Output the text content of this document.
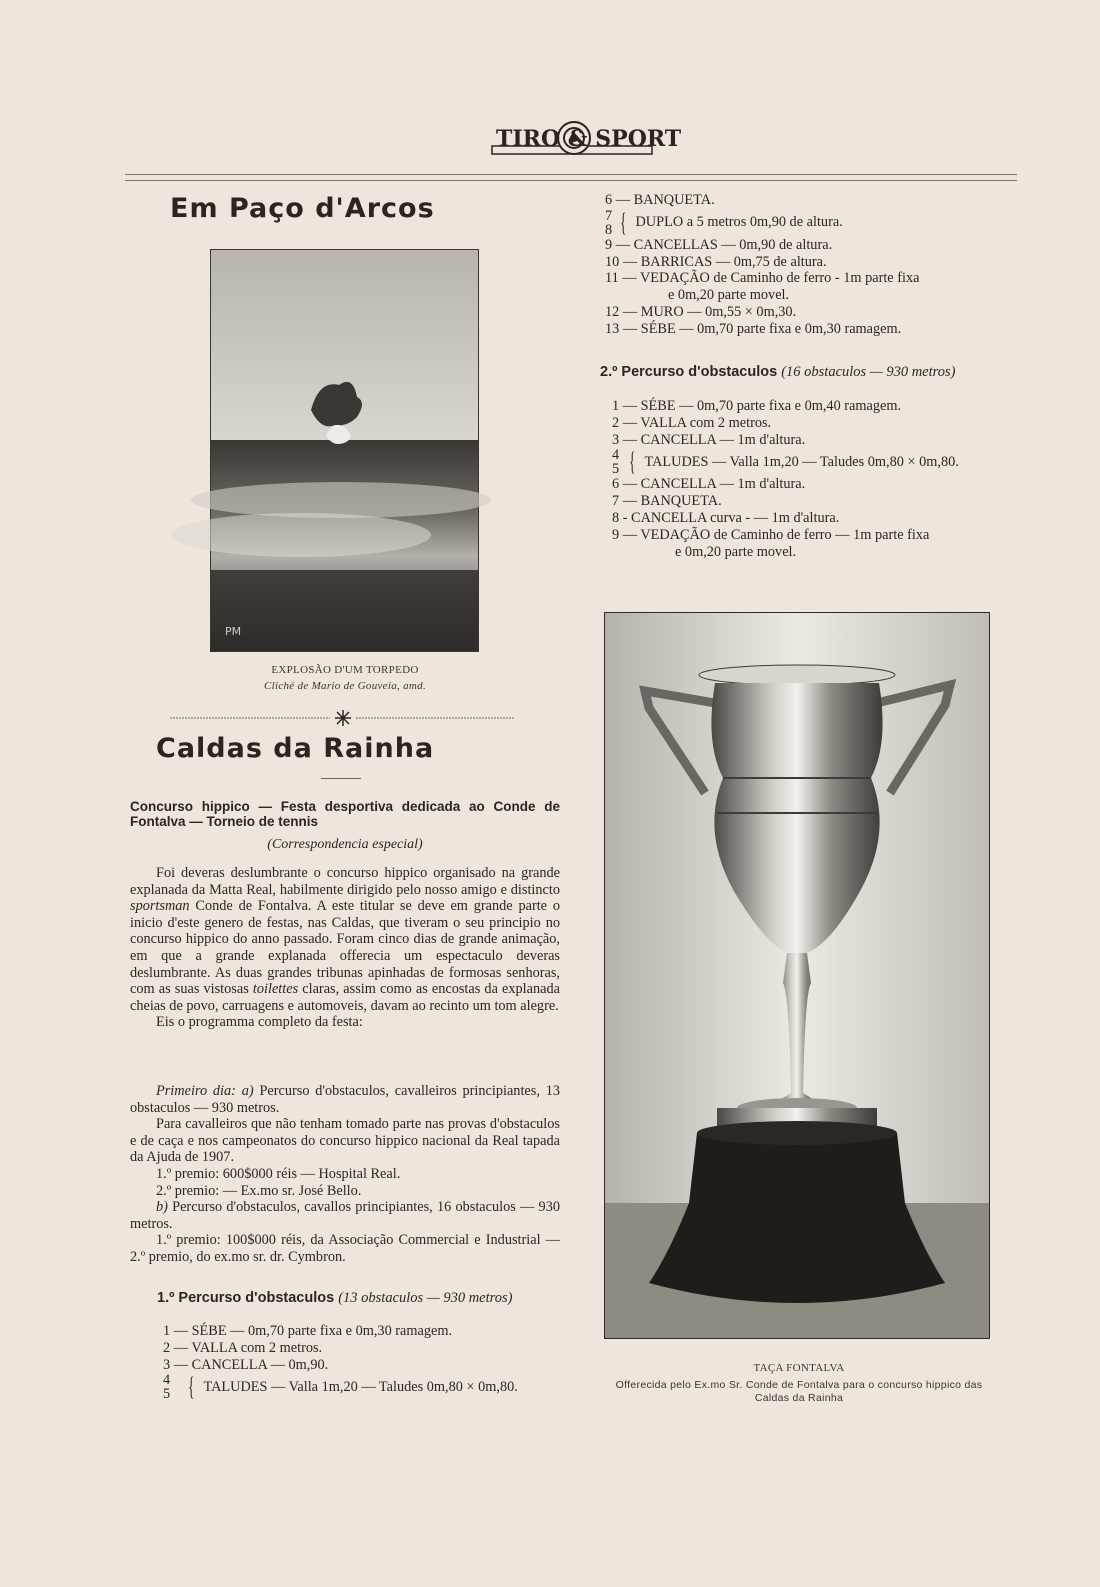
TIRO & SPORT
Em Paço d'Arcos
PM
EXPLOSÃO D'UM TORPEDO
Cliché de Mario de Gouveia, amd.
Caldas da Rainha
Concurso hippico — Festa desportiva dedicada ao Conde de Fontalva — Torneio de tennis
(Correspondencia especial)

Foi deveras deslumbrante o concurso hippico organisado na grande explanada da Matta Real, habilmente dirigido pelo nosso amigo e distincto sportsman Conde de Fontalva. A este titular se deve em grande parte o inicio d'este genero de festas, nas Caldas, que tiveram o seu principio no concurso hippico do anno passado. Foram cinco dias de grande animação, em que a grande explanada offerecia um espectaculo deveras deslumbrante. As duas grandes tribunas apinhadas de formosas senhoras, com as suas vistosas toilettes claras, assim como as encostas da explanada cheias de povo, carruagens e automoveis, davam ao recinto um tom alegre.

Eis o programma completo da festa:

Primeiro dia: a) Percurso d'obstaculos, cavalleiros principiantes, 13 obstaculos — 930 metros.

Para cavalleiros que não tenham tomado parte nas provas d'obstaculos e de caça e nos campeonatos do concurso hippico nacional da Real tapada da Ajuda de 1907.

1.º premio: 600$000 réis — Hospital Real.

2.º premio: — Ex.mo sr. José Bello.

b) Percurso d'obstaculos, cavallos principiantes, 16 obstaculos — 930 metros.

1.º premio: 100$000 réis, da Associação Commercial e Industrial — 2.º premio, do ex.mo sr. dr. Cymbron.

1.º Percurso d'obstaculos (13 obstaculos — 930 metros)
1 — SÉBE — 0m,70 parte fixa e 0m,30 ramagem.
2 — VALLA com 2 metros.
3 — CANCELLA — 0m,90.
4
5 { TALUDES — Valla 1m,20 — Taludes 0m,80 × 0m,80.
6 — BANQUETA.
7
8 { DUPLO a 5 metros 0m,90 de altura.
9 — CANCELLAS — 0m,90 de altura.
10 — BARRICAS — 0m,75 de altura.
11 — VEDAÇÃO de Caminho de ferro - 1m parte fixa
e 0m,20 parte movel.
12 — MURO — 0m,55 × 0m,30.
13 — SÉBE — 0m,70 parte fixa e 0m,30 ramagem.
2.º Percurso d'obstaculos (16 obstaculos — 930 metros)
1 — SÉBE — 0m,70 parte fixa e 0m,40 ramagem.
2 — VALLA com 2 metros.
3 — CANCELLA — 1m d'altura.
4
5 { TALUDES — Valla 1m,20 — Taludes 0m,80 × 0m,80.
6 — CANCELLA — 1m d'altura.
7 — BANQUETA.
8 - CANCELLA curva - — 1m d'altura.
9 — VEDAÇÃO de Caminho de ferro — 1m parte fixa
e 0m,20 parte movel.
TAÇA FONTALVA
Offerecida pelo Ex.mo Sr. Conde de Fontalva para o concurso hippico das Caldas da Rainha
